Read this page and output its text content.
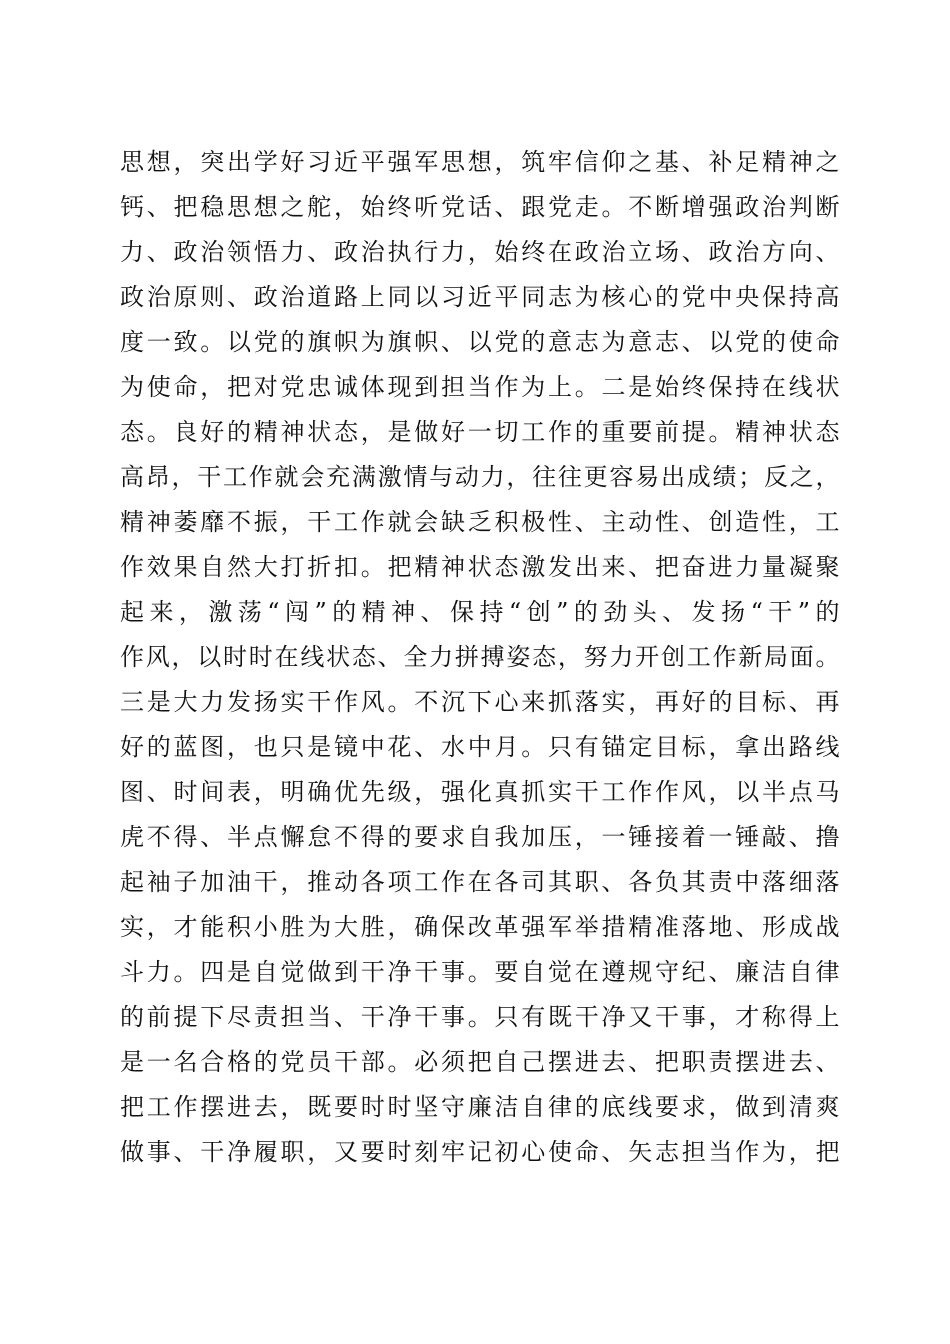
思想，突出学好习近平强军思想，筑牢信仰之基、补足精神之
钙、把稳思想之舵，始终听党话、跟党走。不断增强政治判断
力、政治领悟力、政治执行力，始终在政治立场、政治方向、
政治原则、政治道路上同以习近平同志为核心的党中央保持高
度一致。以党的旗帜为旗帜、以党的意志为意志、以党的使命
为使命，把对党忠诚体现到担当作为上。二是始终保持在线状
态。良好的精神状态，是做好一切工作的重要前提。精神状态
高昂，干工作就会充满激情与动力，往往更容易出成绩；反之，
精神萎靡不振，干工作就会缺乏积极性、主动性、创造性，工
作效果自然大打折扣。把精神状态激发出来、把奋进力量凝聚
起来，激荡“闯”的精神、保持“创”的劲头、发扬“干”的
作风，以时时在线状态、全力拼搏姿态，努力开创工作新局面。
三是大力发扬实干作风。不沉下心来抓落实，再好的目标、再
好的蓝图，也只是镜中花、水中月。只有锚定目标，拿出路线
图、时间表，明确优先级，强化真抓实干工作作风，以半点马
虎不得、半点懈怠不得的要求自我加压，一锤接着一锤敲、撸
起袖子加油干，推动各项工作在各司其职、各负其责中落细落
实，才能积小胜为大胜，确保改革强军举措精准落地、形成战
斗力。四是自觉做到干净干事。要自觉在遵规守纪、廉洁自律
的前提下尽责担当、干净干事。只有既干净又干事，才称得上
是一名合格的党员干部。必须把自己摆进去、把职责摆进去、
把工作摆进去，既要时时坚守廉洁自律的底线要求，做到清爽
做事、干净履职，又要时刻牢记初心使命、矢志担当作为，把
